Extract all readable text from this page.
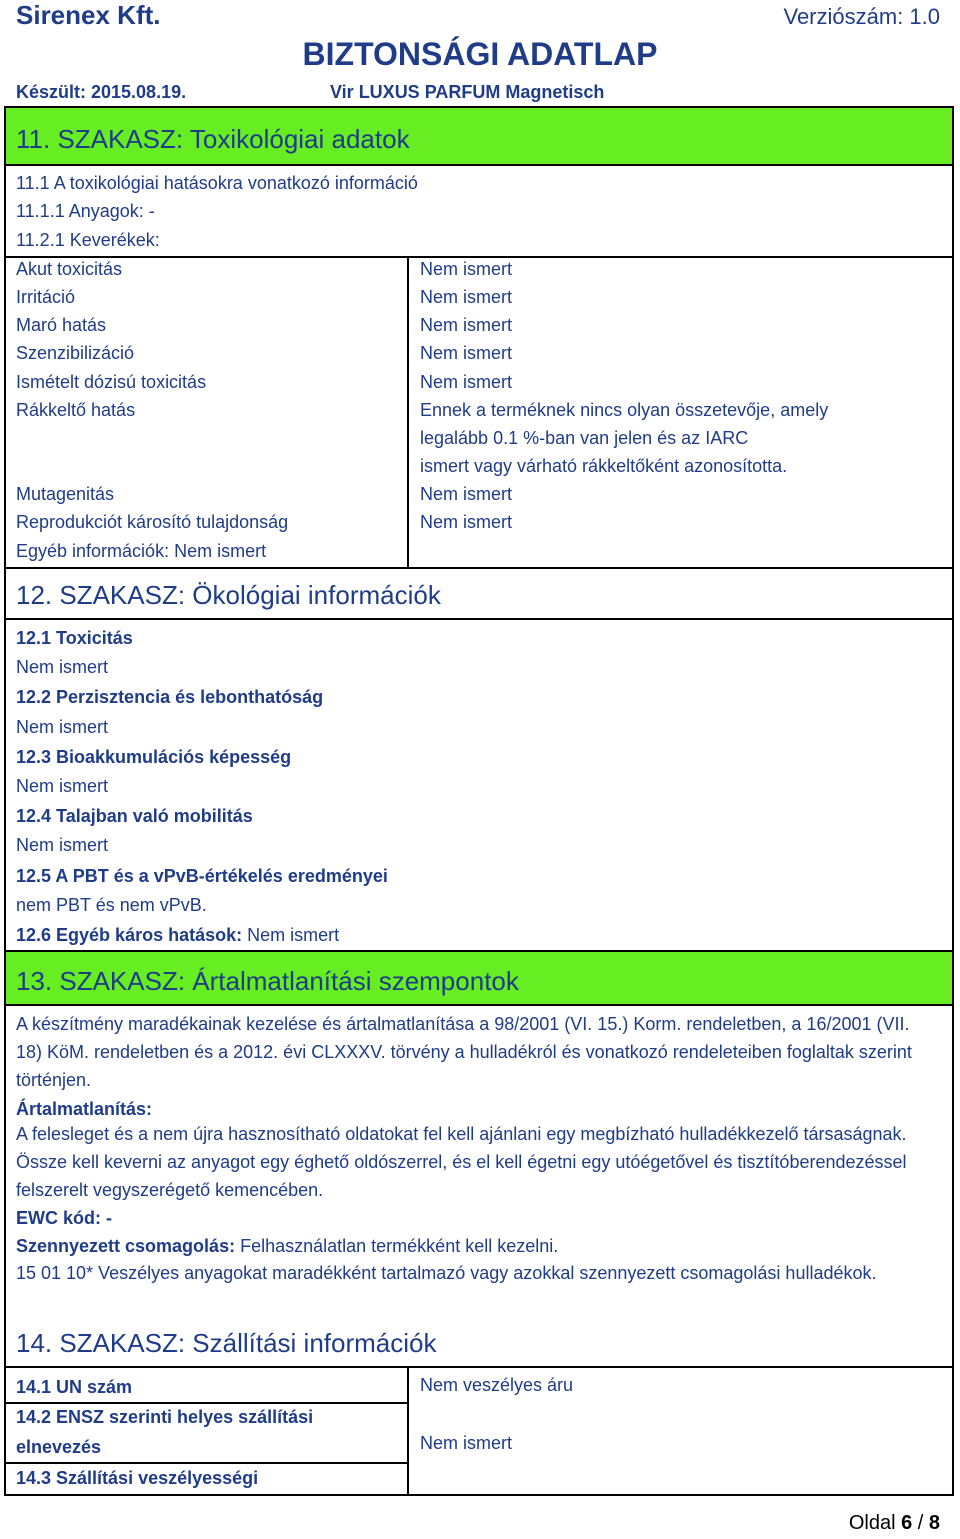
Sirenex Kft.	Verziószám: 1.0
BIZTONSÁGI ADATLAP
Készült: 2015.08.19.	Vir LUXUS PARFUM Magnetisch
11. SZAKASZ: Toxikológiai adatok
11.1 A toxikológiai hatásokra vonatkozó információ
11.1.1 Anyagok: -
11.2.1 Keverékek:
Akut toxicitás	Nem ismert
Irritáció	Nem ismert
Maró hatás	Nem ismert
Szenzibilizáció	Nem ismert
Ismételt dózisú toxicitás	Nem ismert
Rákkeltő hatás	Ennek a terméknek nincs olyan összetevője, amely
legalább 0.1 %-ban van jelen és az IARC
ismert vagy várható rákkeltőként azonosította.
Mutagenitás	Nem ismert
Reprodukciót károsító tulajdonság	Nem ismert
Egyéb információk: Nem ismert
12. SZAKASZ: Ökológiai információk
12.1 Toxicitás
Nem ismert
12.2 Perzisztencia és lebonthatóság
Nem ismert
12.3 Bioakkumulációs képesség
Nem ismert
12.4 Talajban való mobilitás
Nem ismert
12.5 A PBT és a vPvB-értékelés eredményei
nem PBT és nem vPvB.
12.6 Egyéb káros hatások: Nem ismert
13. SZAKASZ: Ártalmatlanítási szempontok
A készítmény maradékainak kezelése és ártalmatlanítása a 98/2001 (VI. 15.) Korm. rendeletben, a 16/2001 (VII. 18) KöM. rendeletben és a 2012. évi CLXXXV. törvény a hulladékról és vonatkozó rendeleteiben foglaltak szerint történjen.
Ártalmatlanítás:
A felesleget és a nem újra hasznosítható oldatokat fel kell ajánlani egy megbízható hulladékkezelő társaságnak. Össze kell keverni az anyagot egy éghető oldószerrel, és el kell égetni egy utóégetővel és tisztítóberendezéssel felszerelt vegyszerégető kemencében.
EWC kód: -
Szennyezett csomagolás: Felhasználatlan termékként kell kezelni.
15 01 10* Veszélyes anyagokat maradékként tartalmazó vagy azokkal szennyezett csomagolási hulladékok.
14. SZAKASZ: Szállítási információk
14.1 UN szám	Nem veszélyes áru
14.2 ENSZ szerinti helyes szállítási
elnevezés	Nem ismert
14.3 Szállítási veszélyességi
Oldal 6 / 8
